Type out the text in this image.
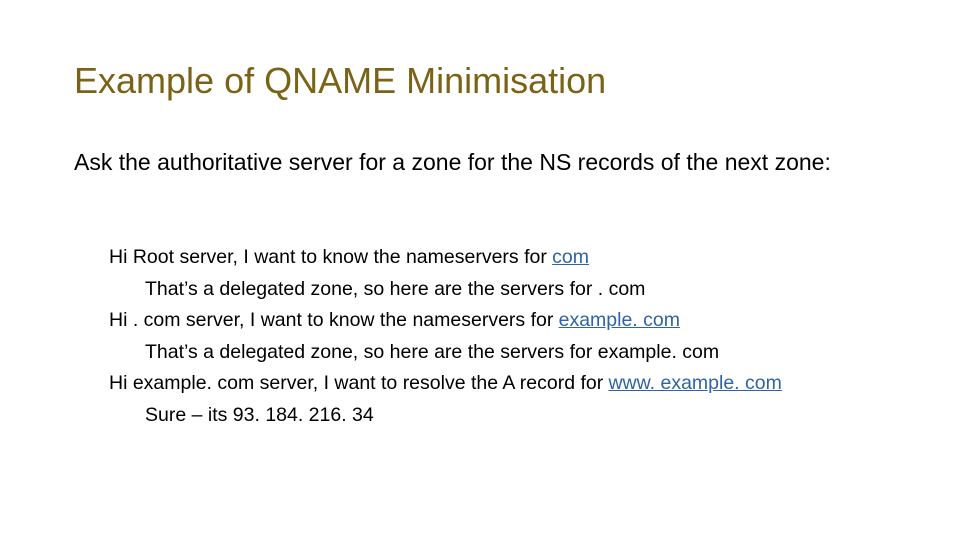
Example of QNAME Minimisation
Ask the authoritative server for a zone for the NS records of the next zone:
Hi Root server, I want to know the nameservers for com
That’s a delegated zone, so here are the servers for . com
Hi . com server, I want to know the nameservers for example. com
That’s a delegated zone, so here are the servers for example. com
Hi example. com server, I want to resolve the A record for www. example. com
Sure – its 93. 184. 216. 34
